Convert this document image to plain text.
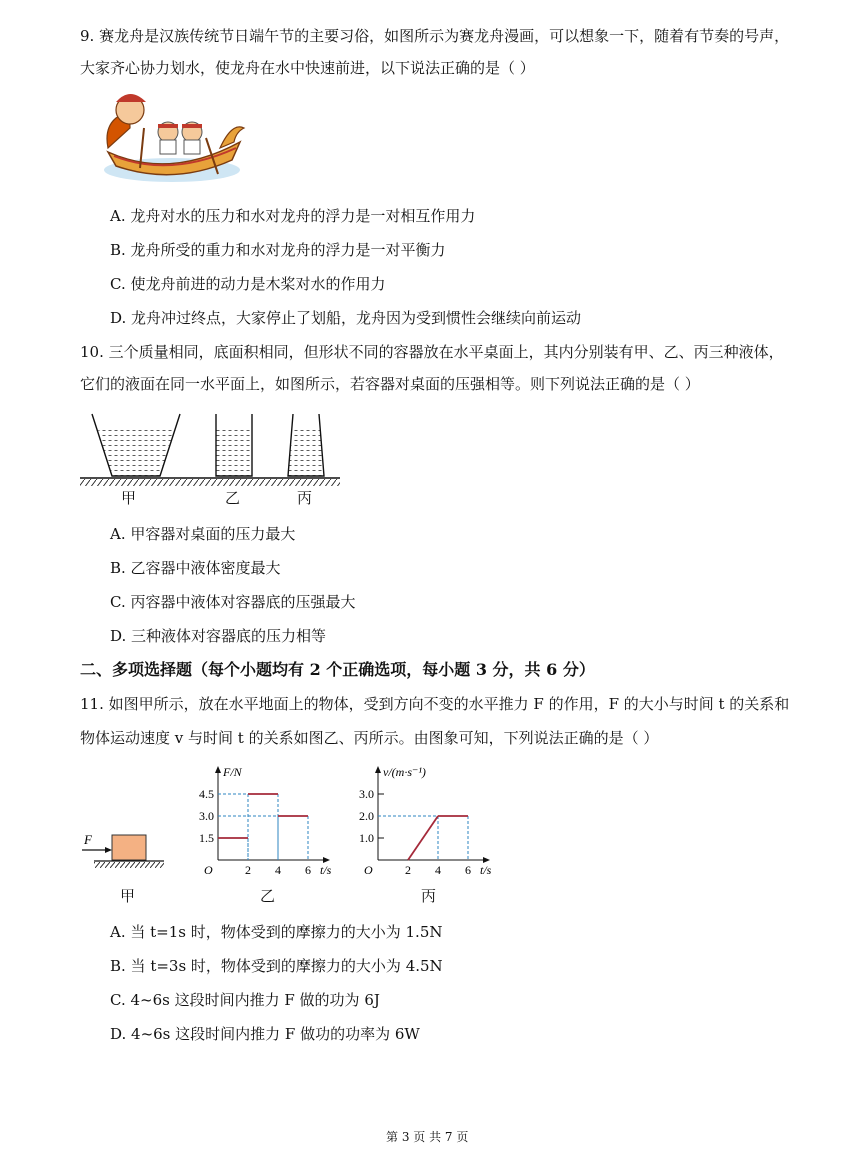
9. 赛龙舟是汉族传统节日端午节的主要习俗，如图所示为赛龙舟漫画，可以想象一下，随着有节奏的号声，
大家齐心协力划水，使龙舟在水中快速前进，以下说法正确的是（ ）
A. 龙舟对水的压力和水对龙舟的浮力是一对相互作用力
B. 龙舟所受的重力和水对龙舟的浮力是一对平衡力
C. 使龙舟前进的动力是木桨对水的作用力
D. 龙舟冲过终点，大家停止了划船，龙舟因为受到惯性会继续向前运动
10. 三个质量相同，底面积相同，但形状不同的容器放在水平桌面上，其内分别装有甲、乙、丙三种液体，
它们的液面在同一水平面上，如图所示，若容器对桌面的压强相等。则下列说法正确的是（ ）
甲	乙	丙
A. 甲容器对桌面的压力最大
B. 乙容器中液体密度最大
C. 丙容器中液体对容器底的压强最大
D. 三种液体对容器底的压力相等
二、多项选择题（每个小题均有 2 个正确选项，每小题 3 分，共 6 分）
11. 如图甲所示，放在水平地面上的物体，受到方向不变的水平推力 F 的作用，F 的大小与时间 t 的关系和
物体运动速度 v 与时间 t 的关系如图乙、丙所示。由图象可知，下列说法正确的是（ ）
F
甲
F/N
t/s
O	2 4 6
1.5
3.0
4.5
乙
v/(m·s⁻¹)
t/s
O	2 4 6
1.0
2.0
3.0
丙
A. 当 t=1s 时，物体受到的摩擦力的大小为 1.5N
B. 当 t=3s 时，物体受到的摩擦力的大小为 4.5N
C. 4~6s 这段时间内推力 F 做的功为 6J
D. 4~6s 这段时间内推力 F 做功的功率为 6W
第 3 页 共 7 页
